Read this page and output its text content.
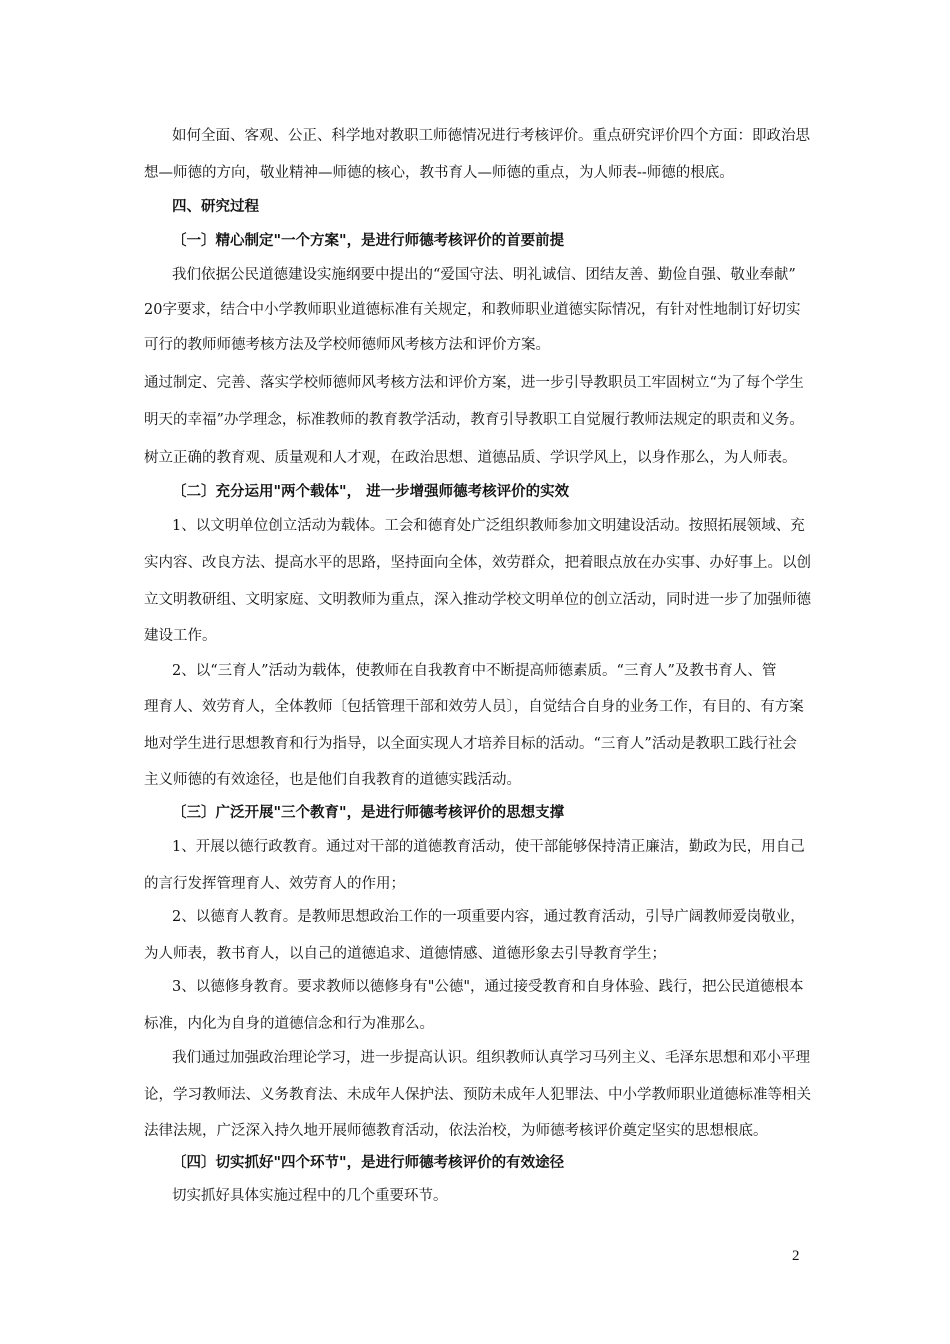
如何全面、客观、公正、科学地对教职工师德情况进行考核评价。重点研究评价四个方面：即政治思
想—师德的方向，敬业精神—师德的核心，教书育人—师德的重点，为人师表--师德的根底。
四、研究过程
〔一〕精心制定"一个方案"，是进行师德考核评价的首要前提
我们依据公民道德建设实施纲要中提出的“爱国守法、明礼诚信、团结友善、勤俭自强、敬业奉献”
20字要求，结合中小学教师职业道德标准有关规定，和教师职业道德实际情况，有针对性地制订好切实
可行的教师师德考核方法及学校师德师风考核方法和评价方案。
通过制定、完善、落实学校师德师风考核方法和评价方案，进一步引导教职员工牢固树立“为了每个学生
明天的幸福”办学理念，标准教师的教育教学活动，教育引导教职工自觉履行教师法规定的职责和义务。
树立正确的教育观、质量观和人才观，在政治思想、道德品质、学识学风上，以身作那么，为人师表。
〔二〕充分运用"两个载体"， 进一步增强师德考核评价的实效
1、以文明单位创立活动为载体。工会和德育处广泛组织教师参加文明建设活动。按照拓展领域、充
实内容、改良方法、提高水平的思路，坚持面向全体，效劳群众，把着眼点放在办实事、办好事上。以创
立文明教研组、文明家庭、文明教师为重点，深入推动学校文明单位的创立活动，同时进一步了加强师德
建设工作。
2、以“三育人”活动为载体，使教师在自我教育中不断提高师德素质。“三育人”及教书育人、管
理育人、效劳育人，全体教师〔包括管理干部和效劳人员〕，自觉结合自身的业务工作，有目的、有方案
地对学生进行思想教育和行为指导，以全面实现人才培养目标的活动。“三育人”活动是教职工践行社会
主义师德的有效途径，也是他们自我教育的道德实践活动。
〔三〕广泛开展"三个教育"，是进行师德考核评价的思想支撑
1、开展以德行政教育。通过对干部的道德教育活动，使干部能够保持清正廉洁，勤政为民，用自己
的言行发挥管理育人、效劳育人的作用；
2、以德育人教育。是教师思想政治工作的一项重要内容，通过教育活动，引导广阔教师爱岗敬业，
为人师表，教书育人，以自己的道德追求、道德情感、道德形象去引导教育学生；
3、以德修身教育。要求教师以德修身有"公德"，通过接受教育和自身体验、践行，把公民道德根本
标准，内化为自身的道德信念和行为准那么。
我们通过加强政治理论学习，进一步提高认识。组织教师认真学习马列主义、毛泽东思想和邓小平理
论，学习教师法、义务教育法、未成年人保护法、预防未成年人犯罪法、中小学教师职业道德标准等相关
法律法规，广泛深入持久地开展师德教育活动，依法治校，为师德考核评价奠定坚实的思想根底。
〔四〕切实抓好"四个环节"，是进行师德考核评价的有效途径
切实抓好具体实施过程中的几个重要环节。
2
